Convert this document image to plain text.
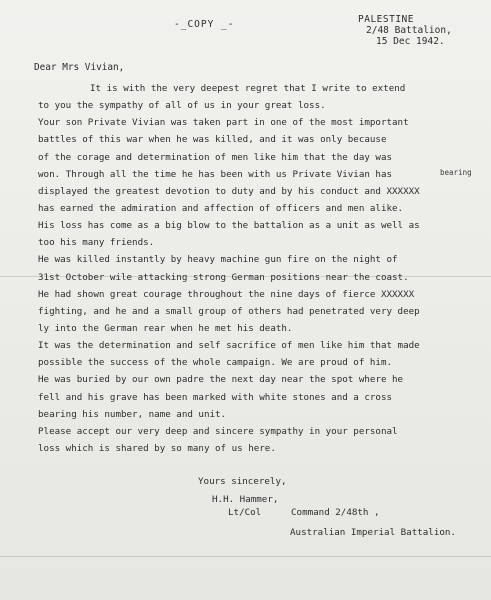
-_COPY _-	PALESTINE
2/48 Battalion,
15 Dec 1942.
Dear Mrs Vivian,
bearing
It is with the very deepest regret that I write to extend
to you the sympathy of all of us in your great loss.
Your son Private Vivian was taken part in one of the most important
battles of this war when he was killed, and it was only because
of the corage and determination of men like him that the day was
won. Through all the time he has been with us Private Vivian has
displayed the greatest devotion to duty and by his conduct and XXXXXX
has earned the admiration and affection of officers and men alike.
His loss has come as a big blow to the battalion as a unit as well as
too his many friends.
He was killed instantly by heavy machine gun fire on the night of
31st October wile attacking strong German positions near the coast.
He had shown great courage throughout the nine days of fierce XXXXXX
fighting, and he and a small group of others had penetrated very deep
ly into the German rear when he met his death.
It was the determination and self sacrifice of men like him that made
possible the success of the whole campaign. We are proud of him.
He was buried by our own padre the next day near the spot where he
fell and his grave has been marked with white stones and a cross
bearing his number, name and unit.
Please accept our very deep and sincere sympathy in your personal
loss which is shared by so many of us here.
Yours sincerely,
H.H. Hammer,
Lt/Col	Command 2/48th ,
Australian Imperial Battalion.
